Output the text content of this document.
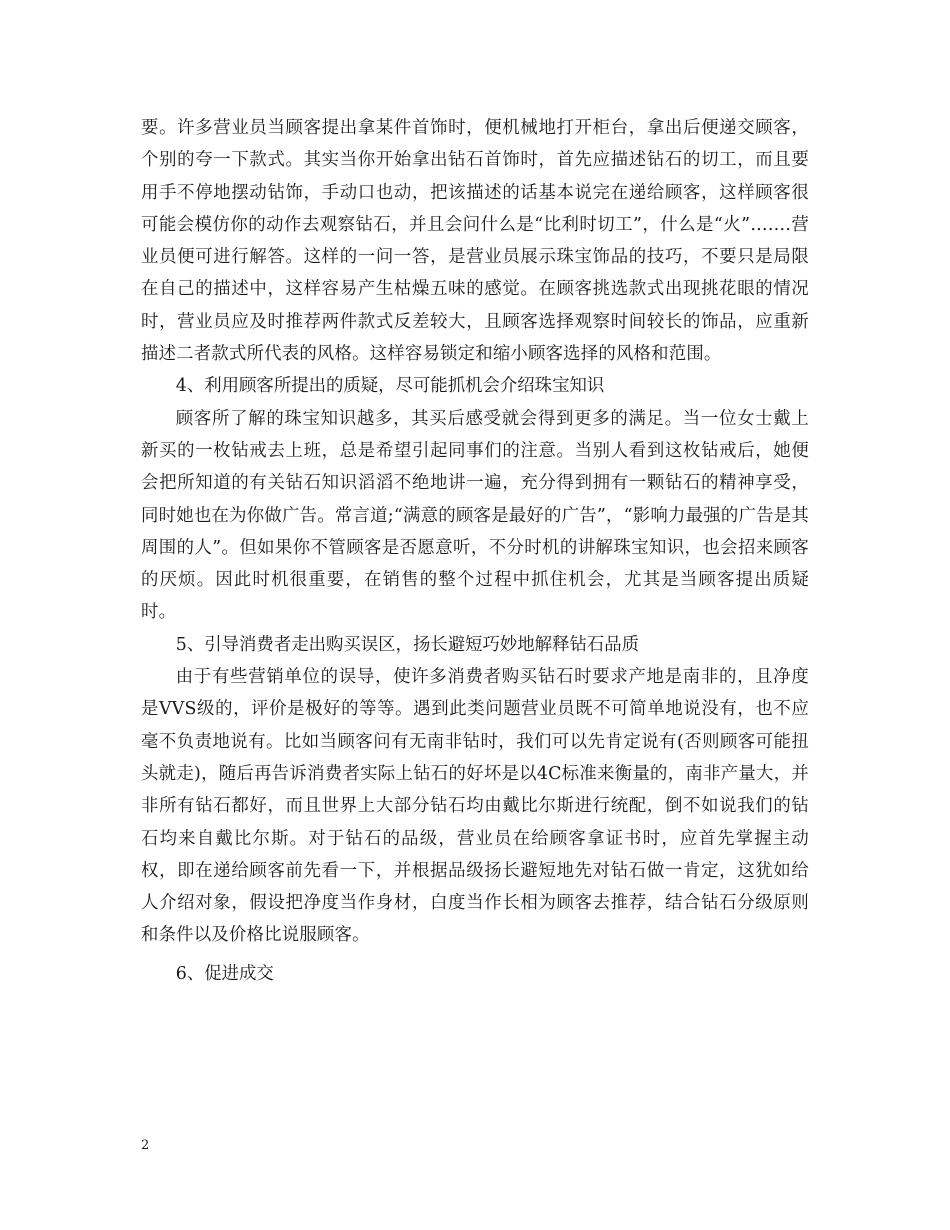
要。许多营业员当顾客提出拿某件首饰时，便机械地打开柜台，拿出后便递交顾客，个别的夸一下款式。其实当你开始拿出钻石首饰时，首先应描述钻石的切工，而且要用手不停地摆动钻饰，手动口也动，把该描述的话基本说完在递给顾客，这样顾客很可能会模仿你的动作去观察钻石，并且会问什么是“比利时切工”，什么是“火”…….营业员便可进行解答。这样的一问一答，是营业员展示珠宝饰品的技巧，不要只是局限在自己的描述中，这样容易产生枯燥五味的感觉。在顾客挑选款式出现挑花眼的情况时，营业员应及时推荐两件款式反差较大，且顾客选择观察时间较长的饰品，应重新描述二者款式所代表的风格。这样容易锁定和缩小顾客选择的风格和范围。

4、利用顾客所提出的质疑，尽可能抓机会介绍珠宝知识

顾客所了解的珠宝知识越多，其买后感受就会得到更多的满足。当一位女士戴上新买的一枚钻戒去上班，总是希望引起同事们的注意。当别人看到这枚钻戒后，她便会把所知道的有关钻石知识滔滔不绝地讲一遍，充分得到拥有一颗钻石的精神享受，同时她也在为你做广告。常言道;“满意的顾客是最好的广告”，“影响力最强的广告是其周围的人”。但如果你不管顾客是否愿意听，不分时机的讲解珠宝知识，也会招来顾客的厌烦。因此时机很重要，在销售的整个过程中抓住机会，尤其是当顾客提出质疑时。

5、引导消费者走出购买误区，扬长避短巧妙地解释钻石品质

由于有些营销单位的误导，使许多消费者购买钻石时要求产地是南非的，且净度是VVS级的，评价是极好的等等。遇到此类问题营业员既不可简单地说没有，也不应毫不负责地说有。比如当顾客问有无南非钻时，我们可以先肯定说有(否则顾客可能扭头就走)，随后再告诉消费者实际上钻石的好坏是以4C标准来衡量的，南非产量大，并非所有钻石都好，而且世界上大部分钻石均由戴比尔斯进行统配，倒不如说我们的钻石均来自戴比尔斯。对于钻石的品级，营业员在给顾客拿证书时，应首先掌握主动权，即在递给顾客前先看一下，并根据品级扬长避短地先对钻石做一肯定，这犹如给人介绍对象，假设把净度当作身材，白度当作长相为顾客去推荐，结合钻石分级原则和条件以及价格比说服顾客。

6、促进成交

2
